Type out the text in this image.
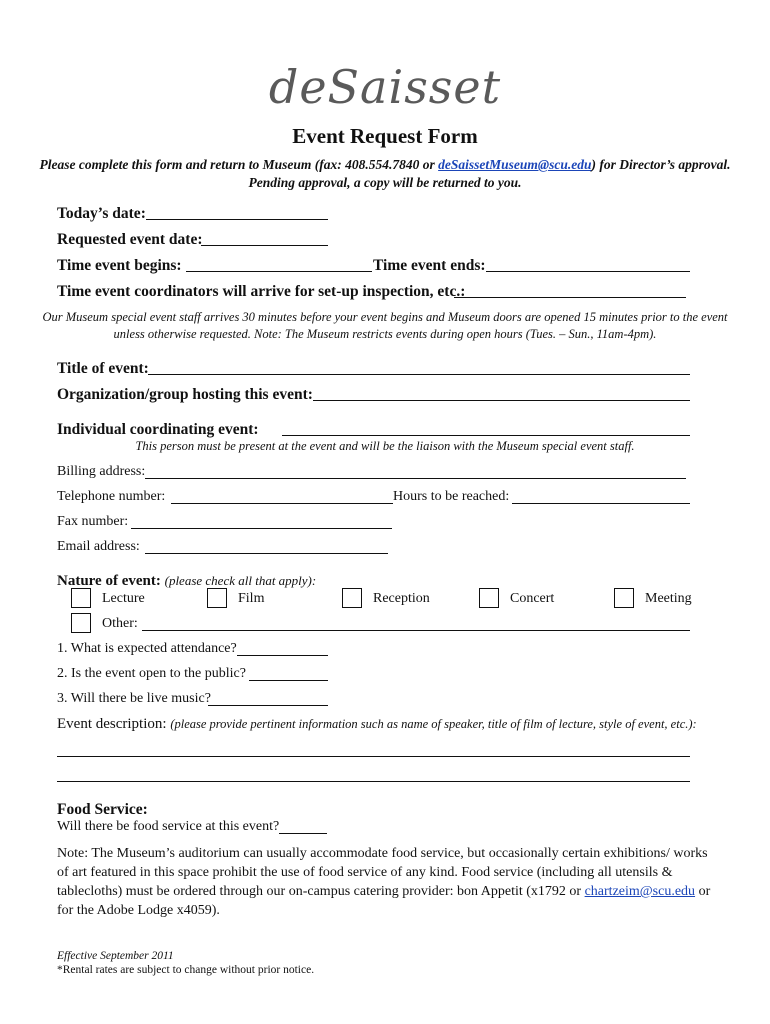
deSaisset
Event Request Form
Please complete this form and return to Museum (fax: 408.554.7840 or deSaissetMuseum@scu.edu) for Director’s approval.
Pending approval, a copy will be returned to you.
Today’s date:
Requested event date:
Time event begins:	Time event ends:
Time event coordinators will arrive for set-up inspection, etc.:
Our Museum special event staff arrives 30 minutes before your event begins and Museum doors are opened 15 minutes prior to the event
unless otherwise requested. Note: The Museum restricts events during open hours (Tues. – Sun., 11am-4pm).
Title of event:
Organization/group hosting this event:
Individual coordinating event:
This person must be present at the event and will be the liaison with the Museum special event staff.
Billing address:
Telephone number:	Hours to be reached:
Fax number:
Email address:
Nature of event: (please check all that apply):
Lecture	Film	Reception	Concert	Meeting
Other:
1. What is expected attendance?
2. Is the event open to the public?
3. Will there be live music?
Event description: (please provide pertinent information such as name of speaker, title of film of lecture, style of event, etc.):
Food Service:
Will there be food service at this event?
Note: The Museum’s auditorium can usually accommodate food service, but occasionally certain exhibitions/ works of art featured in this space prohibit the use of food service of any kind. Food service (including all utensils & tablecloths) must be ordered through our on-campus catering provider: bon Appetit (x1792 or chartzeim@scu.edu or for the Adobe Lodge x4059).
Effective September 2011
*Rental rates are subject to change without prior notice.
